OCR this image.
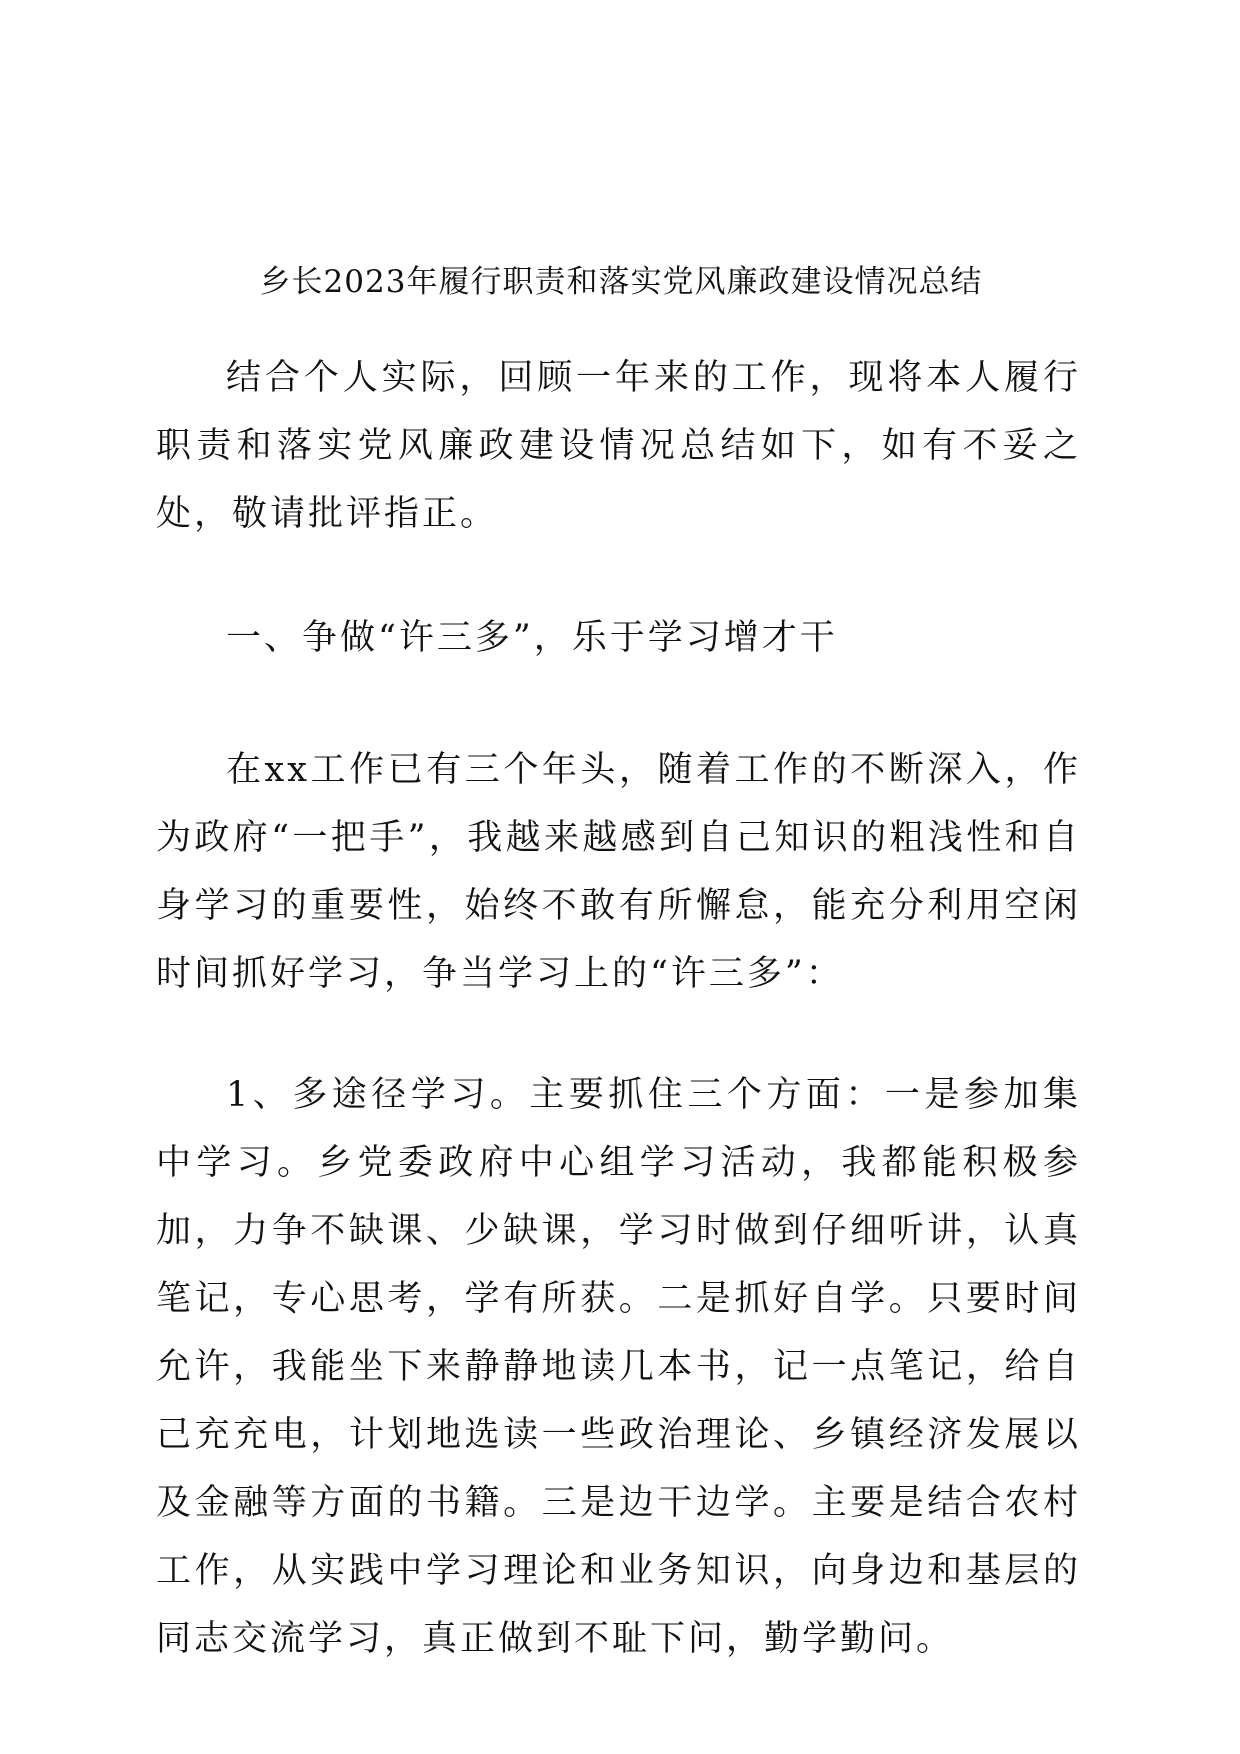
乡长2023年履行职责和落实党风廉政建设情况总结

结合个人实际，回顾一年来的工作，现将本人履行职责和落实党风廉政建设情况总结如下，如有不妥之处，敬请批评指正。

一、争做“许三多”，乐于学习增才干

在xx工作已有三个年头，随着工作的不断深入，作为政府“一把手”，我越来越感到自己知识的粗浅性和自身学习的重要性，始终不敢有所懈怠，能充分利用空闲时间抓好学习，争当学习上的“许三多”：

1、多途径学习。主要抓住三个方面：一是参加集中学习。乡党委政府中心组学习活动，我都能积极参加，力争不缺课、少缺课，学习时做到仔细听讲，认真笔记，专心思考，学有所获。二是抓好自学。只要时间允许，我能坐下来静静地读几本书，记一点笔记，给自己充充电，计划地选读一些政治理论、乡镇经济发展以及金融等方面的书籍。三是边干边学。主要是结合农村工作，从实践中学习理论和业务知识，向身边和基层的同志交流学习，真正做到不耻下问，勤学勤问。
